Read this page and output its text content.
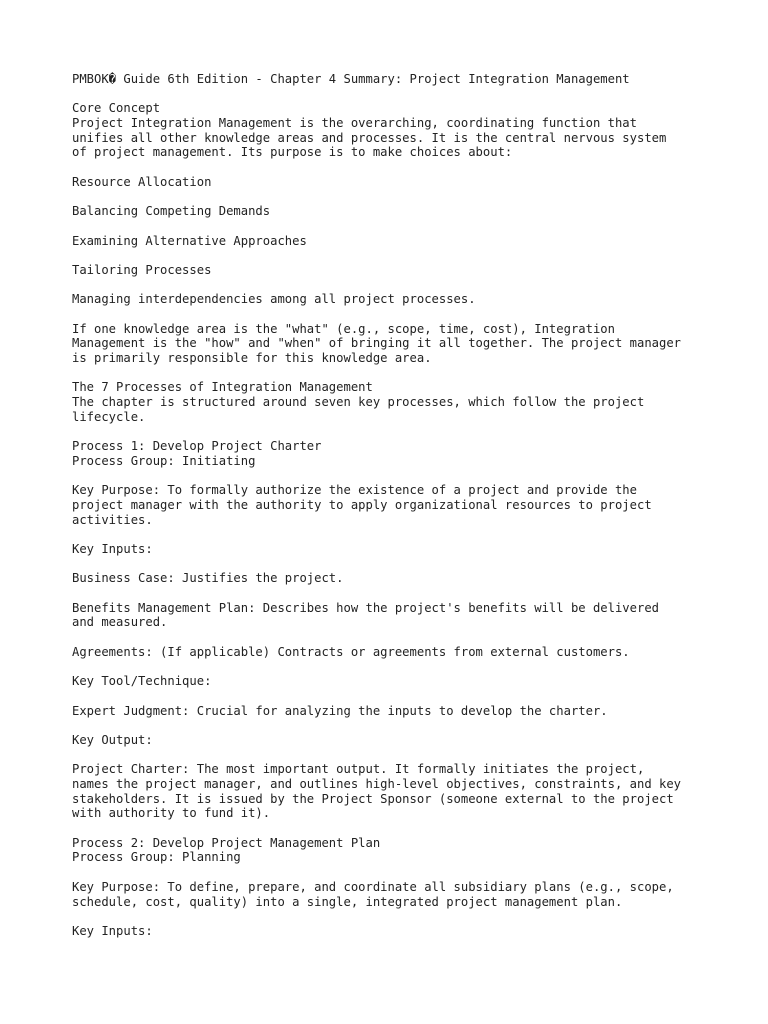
PMBOK� Guide 6th Edition - Chapter 4 Summary: Project Integration Management
Core Concept
Project Integration Management is the overarching, coordinating function that
unifies all other knowledge areas and processes. It is the central nervous system
of project management. Its purpose is to make choices about:
Resource Allocation
Balancing Competing Demands
Examining Alternative Approaches
Tailoring Processes
Managing interdependencies among all project processes.
If one knowledge area is the "what" (e.g., scope, time, cost), Integration
Management is the "how" and "when" of bringing it all together. The project manager
is primarily responsible for this knowledge area.
The 7 Processes of Integration Management
The chapter is structured around seven key processes, which follow the project
lifecycle.
Process 1: Develop Project Charter
Process Group: Initiating
Key Purpose: To formally authorize the existence of a project and provide the
project manager with the authority to apply organizational resources to project
activities.
Key Inputs:
Business Case: Justifies the project.
Benefits Management Plan: Describes how the project's benefits will be delivered
and measured.
Agreements: (If applicable) Contracts or agreements from external customers.
Key Tool/Technique:
Expert Judgment: Crucial for analyzing the inputs to develop the charter.
Key Output:
Project Charter: The most important output. It formally initiates the project,
names the project manager, and outlines high-level objectives, constraints, and key
stakeholders. It is issued by the Project Sponsor (someone external to the project
with authority to fund it).
Process 2: Develop Project Management Plan
Process Group: Planning
Key Purpose: To define, prepare, and coordinate all subsidiary plans (e.g., scope,
schedule, cost, quality) into a single, integrated project management plan.
Key Inputs:
